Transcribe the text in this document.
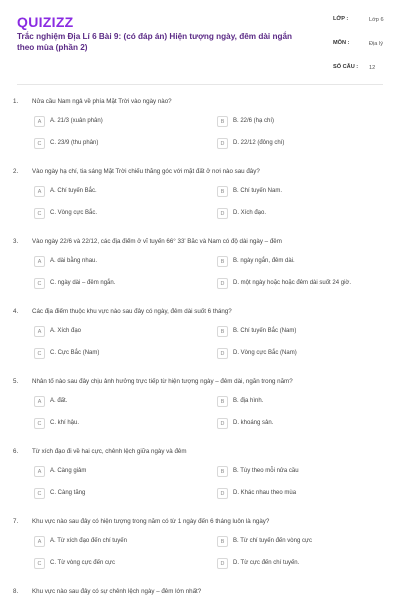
QUIZIZZ
Trắc nghiệm Địa Lí 6 Bài 9: (có đáp án) Hiện tượng ngày, đêm dài ngắn theo mùa (phần 2)
LỚP :	Lớp 6
MÔN :	Địa lý
SỐ CÂU : 12
1. Nửa cầu Nam ngả về phía Mặt Trời vào ngày nào?
A	A. 21/3 (xuân phân)	B	B. 22/6 (hạ chí)
C	C. 23/9 (thu phân)	D	D. 22/12 (đông chí)
2. Vào ngày hạ chí, tia sáng Mặt Trời chiếu thẳng góc với mặt đất ở nơi nào sau đây?
A	A. Chí tuyến Bắc.	B	B. Chí tuyến Nam.
C	C. Vòng cực Bắc.	D	D. Xích đạo.
3. Vào ngày 22/6 và 22/12, các địa điểm ở vĩ tuyến 66° 33' Bắc và Nam có độ dài ngày – đêm
A	A. dài bằng nhau.	B	B. ngày ngắn, đêm dài.
C	C. ngày dài – đêm ngắn.	D	D. một ngày hoặc hoặc đêm dài suốt 24 giờ.
4. Các địa điểm thuộc khu vực nào sau đây có ngày, đêm dài suốt 6 tháng?
A	A. Xích đạo	B	B. Chí tuyến Bắc (Nam)
C	C. Cực Bắc (Nam)	D	D. Vòng cực Bắc (Nam)
5. Nhân tố nào sau đây chịu ảnh hưởng trực tiếp từ hiện tượng ngày – đêm dài, ngắn trong năm?
A	A. đất.	B	B. địa hình.
C	C. khí hậu.	D	D. khoáng sản.
6. Từ xích đạo đi về hai cực, chênh lệch giữa ngày và đêm
A	A. Càng giảm	B	B. Tùy theo mỗi nửa cầu
C	C. Càng tăng	D	D. Khác nhau theo mùa
7. Khu vực nào sau đây có hiện tượng trong năm có từ 1 ngày đến 6 tháng luôn là ngày?
A	A. Từ xích đạo đến chí tuyến	B	B. Từ chí tuyến đến vòng cực
C	C. Từ vòng cực đến cực	D	D. Từ cực đến chí tuyến.
8. Khu vực nào sau đây có sự chênh lệch ngày – đêm lớn nhất?
